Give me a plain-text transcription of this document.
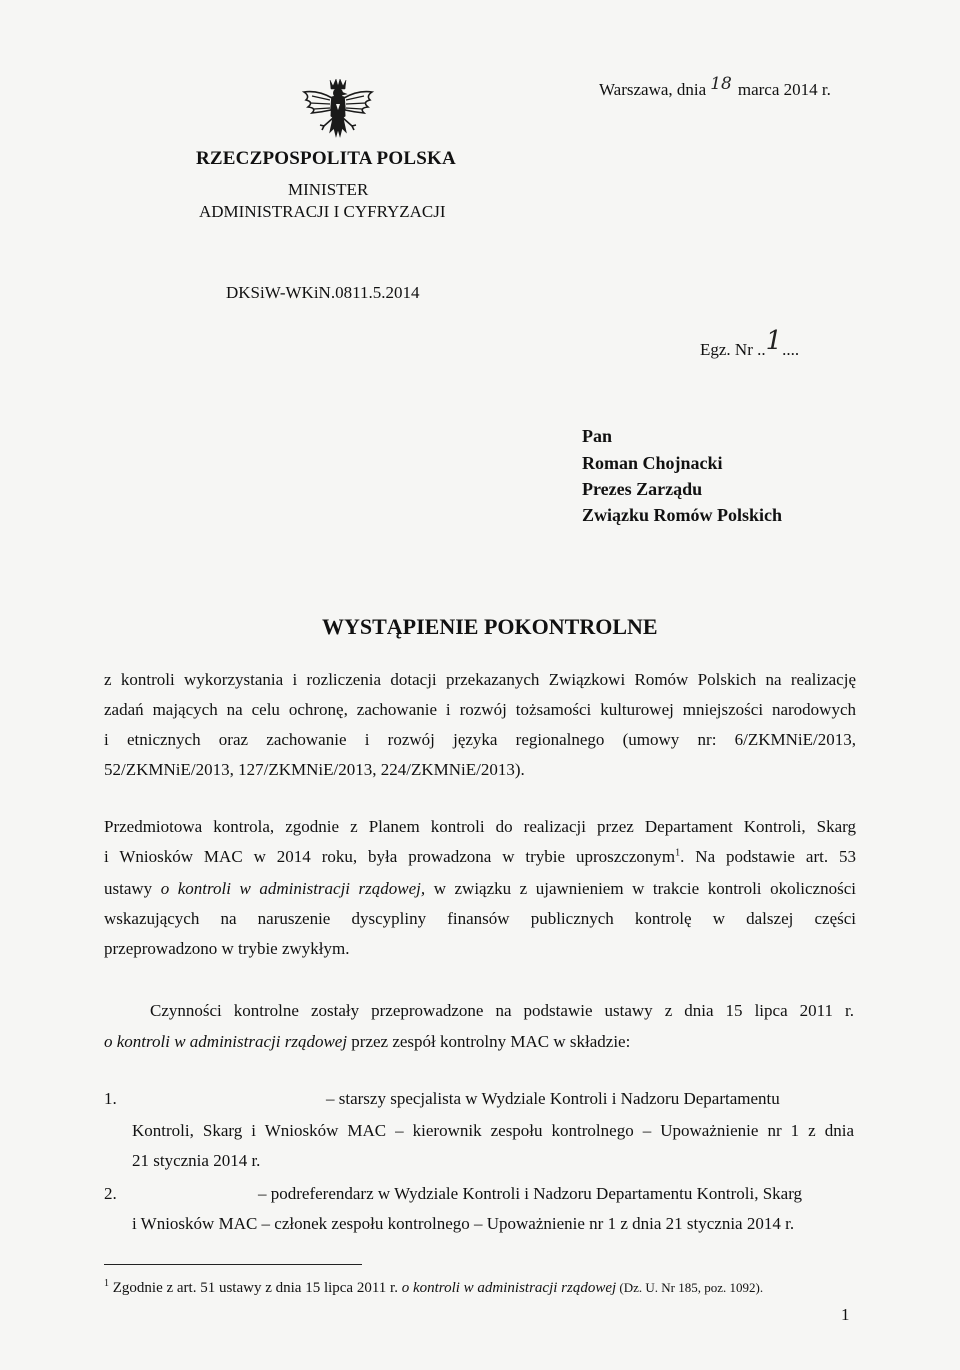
RZECZPOSPOLITA POLSKA
MINISTER
ADMINISTRACJI I CYFRYZACJI
DKSiW-WKiN.0811.5.2014
Warszawa, dnia 18 marca 2014 r.
Egz. Nr ..1....
Pan
Roman Chojnacki
Prezes Zarządu
Związku Romów Polskich
WYSTĄPIENIE POKONTROLNE
z kontroli wykorzystania i rozliczenia dotacji przekazanych Związkowi Romów Polskich na realizację
zadań mających na celu ochronę, zachowanie i rozwój tożsamości kulturowej mniejszości narodowych
i etnicznych oraz zachowanie i rozwój języka regionalnego (umowy nr: 6/ZKMNiE/2013,
52/ZKMNiE/2013, 127/ZKMNiE/2013, 224/ZKMNiE/2013).
Przedmiotowa kontrola, zgodnie z Planem kontroli do realizacji przez Departament Kontroli, Skarg
i Wniosków MAC w 2014 roku, była prowadzona w trybie uproszczonym$^1$. Na podstawie art. 53
ustawy o kontroli w administracji rządowej, w związku z ujawnieniem w trakcie kontroli okoliczności
wskazujących na naruszenie dyscypliny finansów publicznych kontrolę w dalszej części
przeprowadzono w trybie zwykłym.
Czynności kontrolne zostały przeprowadzone na podstawie ustawy z dnia 15 lipca 2011 r.
o kontroli w administracji rządowej przez zespół kontrolny MAC w składzie:
1.	– starszy specjalista w Wydziale Kontroli i Nadzoru Departamentu
Kontroli, Skarg i Wniosków MAC – kierownik zespołu kontrolnego – Upoważnienie nr 1 z dnia
21 stycznia 2014 r.
2.	– podreferendarz w Wydziale Kontroli i Nadzoru Departamentu Kontroli, Skarg
i Wniosków MAC – członek zespołu kontrolnego – Upoważnienie nr 1 z dnia 21 stycznia 2014 r.
$^1$ Zgodnie z art. 51 ustawy z dnia 15 lipca 2011 r. o kontroli w administracji rządowej (Dz. U. Nr 185, poz. 1092).
1
